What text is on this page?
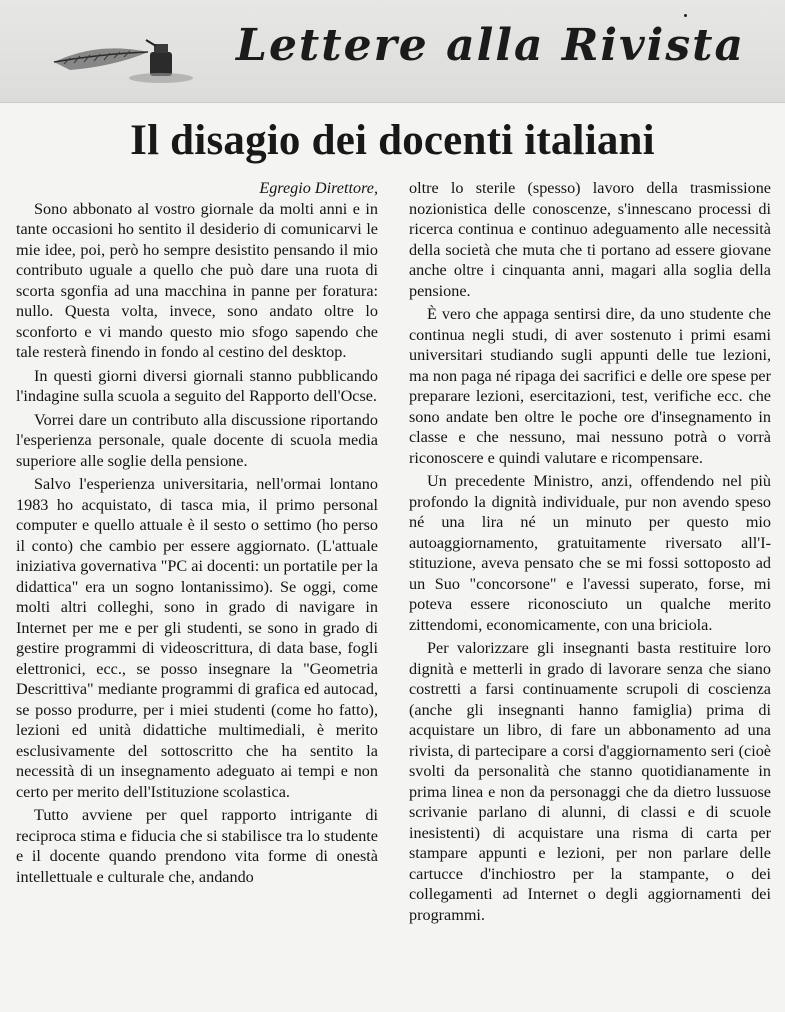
Lettere alla Rivista
Il disagio dei docenti italiani

Egregio Direttore,

Sono abbonato al vostro giornale da molti anni e in tante occasioni ho sentito il desiderio di comunicarvi le mie idee, poi, però ho sempre desistito pensando il mio contributo uguale a quello che può dare una ruota di scorta sgonfia ad una macchina in panne per foratura: nullo. Questa volta, invece, sono andato oltre lo sconforto e vi mando questo mio sfogo sapendo che tale resterà finendo in fondo al cestino del desktop.

In questi giorni diversi giornali stanno pubblicando l'indagine sulla scuola a seguito del Rapporto dell'Ocse.

Vorrei dare un contributo alla discussione riportando l'esperienza personale, quale docente di scuola media superiore alle soglie della pensione.

Salvo l'esperienza universitaria, nell'ormai lontano 1983 ho acquistato, di tasca mia, il primo personal computer e quello attuale è il sesto o settimo (ho perso il conto) che cambio per essere aggiornato. (L'attuale iniziativa governativa "PC ai docenti: un portatile per la didattica" era un sogno lontanissimo). Se oggi, come molti altri colleghi, sono in grado di navigare in Internet per me e per gli studenti, se sono in grado di gestire programmi di videoscrittura, di data base, fogli elettronici, ecc., se posso insegnare la "Geometria Descrittiva" mediante programmi di grafica ed autocad, se posso produrre, per i miei studenti (come ho fatto), lezioni ed unità didattiche multimediali, è merito esclusivamente del sottoscritto che ha sentito la necessità di un insegnamento adeguato ai tempi e non certo per merito dell'Istituzione scolastica.

Tutto avviene per quel rapporto intrigante di reciproca stima e fiducia che si stabilisce tra lo studente e il docente quando prendono vita forme di onestà intellettuale e culturale che, andando

oltre lo sterile (spesso) lavoro della trasmissione nozionistica delle conoscenze, s'innescano processi di ricerca continua e continuo adeguamento alle necessità della società che muta che ti portano ad essere giovane anche oltre i cinquanta anni, magari alla soglia della pensione.

È vero che appaga sentirsi dire, da uno studente che continua negli studi, di aver sostenuto i primi esami universitari studiando sugli appunti delle tue lezioni, ma non paga né ripaga dei sacrifici e delle ore spese per preparare lezioni, esercitazioni, test, verifiche ecc. che sono andate ben oltre le poche ore d'insegnamento in classe e che nessuno, mai nessuno potrà o vorrà riconoscere e quindi valutare e ricompensare.

Un precedente Ministro, anzi, offendendo nel più profondo la dignità individuale, pur non avendo speso né una lira né un minuto per questo mio autoaggiornamento, gratuitamente riversato all'Istituzione, aveva pensato che se mi fossi sottoposto ad un Suo "concorsone" e l'avessi superato, forse, mi poteva essere riconosciuto un qualche merito zittendomi, economicamente, con una briciola.

Per valorizzare gli insegnanti basta restituire loro dignità e metterli in grado di lavorare senza che siano costretti a farsi continuamente scrupoli di coscienza (anche gli insegnanti hanno famiglia) prima di acquistare un libro, di fare un abbonamento ad una rivista, di partecipare a corsi d'aggiornamento seri (cioè svolti da personalità che stanno quotidianamente in prima linea e non da personaggi che da dietro lussuose scrivanie parlano di alunni, di classi e di scuole inesistenti) di acquistare una risma di carta per stampare appunti e lezioni, per non parlare delle cartucce d'inchiostro per la stampante, o dei collegamenti ad Internet o degli aggiornamenti dei programmi.
